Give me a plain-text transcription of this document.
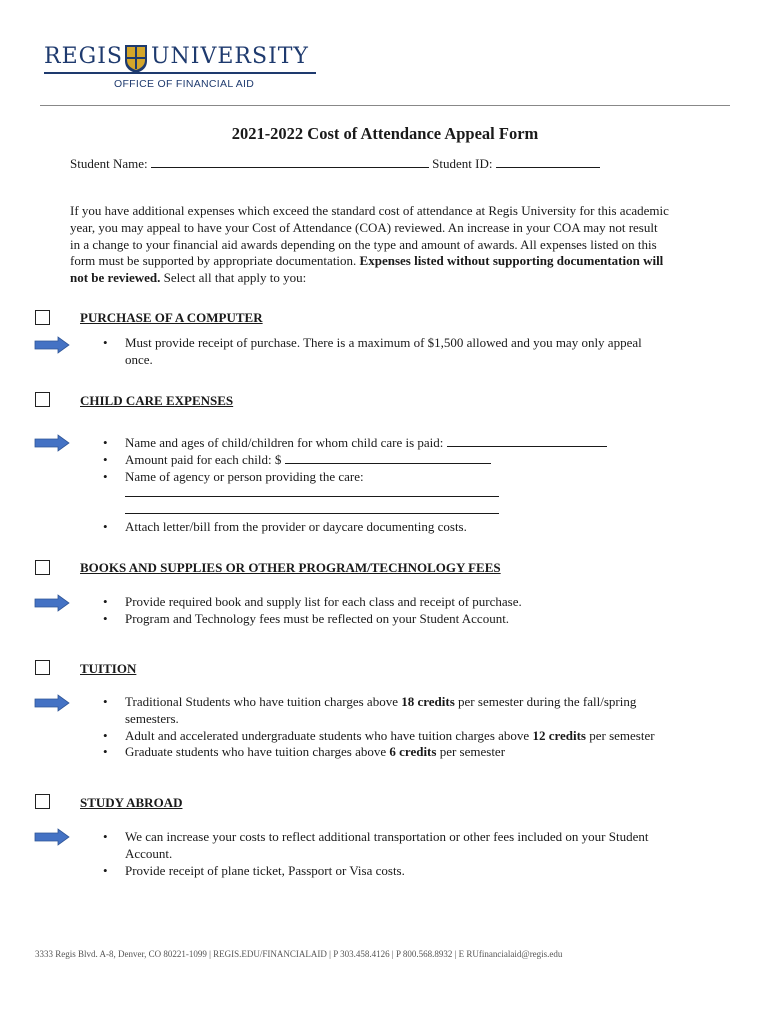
REGIS UNIVERSITY
OFFICE OF FINANCIAL AID
2021-2022 Cost of Attendance Appeal Form
Student Name:	Student ID:
If you have additional expenses which exceed the standard cost of attendance at Regis University for this academic year, you may appeal to have your Cost of Attendance (COA) reviewed. An increase in your COA may not result in a change to your financial aid awards depending on the type and amount of awards. All expenses listed on this form must be supported by appropriate documentation. Expenses listed without supporting documentation will not be reviewed. Select all that apply to you:
PURCHASE OF A COMPUTER
• Must provide receipt of purchase. There is a maximum of $1,500 allowed and you may only appeal once.
CHILD CARE EXPENSES
• Name and ages of child/children for whom child care is paid:
• Amount paid for each child: $
• Name of agency or person providing the care:
• Attach letter/bill from the provider or daycare documenting costs.
BOOKS AND SUPPLIES OR OTHER PROGRAM/TECHNOLOGY FEES
• Provide required book and supply list for each class and receipt of purchase.
• Program and Technology fees must be reflected on your Student Account.
TUITION
• Traditional Students who have tuition charges above 18 credits per semester during the fall/spring semesters.
• Adult and accelerated undergraduate students who have tuition charges above 12 credits per semester
• Graduate students who have tuition charges above 6 credits per semester
STUDY ABROAD
• We can increase your costs to reflect additional transportation or other fees included on your Student Account.
• Provide receipt of plane ticket, Passport or Visa costs.
3333 Regis Blvd. A-8, Denver, CO 80221-1099 | REGIS.EDU/FINANCIALAID | P 303.458.4126 | P 800.568.8932 | E RUfinancialaid@regis.edu
